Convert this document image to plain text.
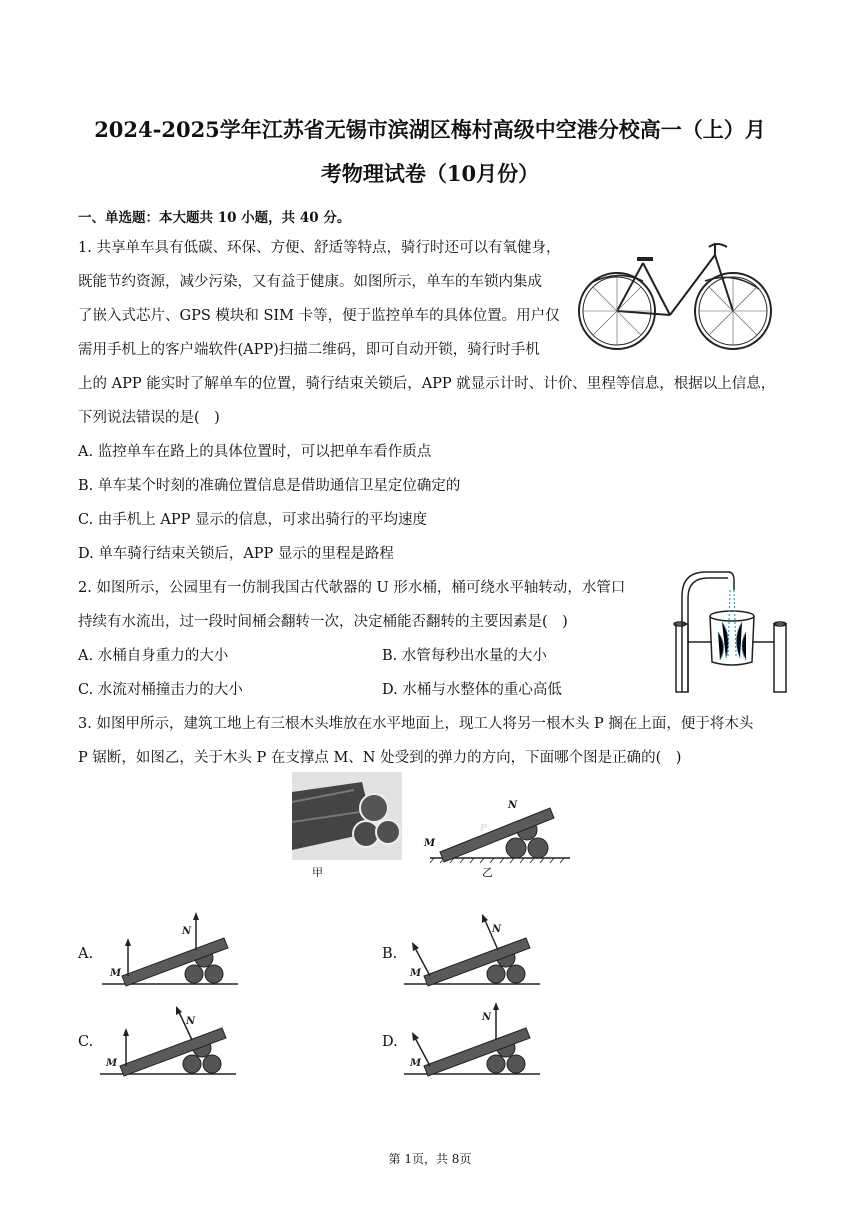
2024-2025学年江苏省无锡市滨湖区梅村高级中空港分校高一（上）月
考物理试卷（10月份）
一、单选题：本大题共 10 小题，共 40 分。
1. 共享单车具有低碳、环保、方便、舒适等特点，骑行时还可以有氧健身，
既能节约资源，减少污染，又有益于健康。如图所示，单车的车锁内集成
了嵌入式芯片、GPS 模块和 SIM 卡等，便于监控单车的具体位置。用户仅
需用手机上的客户端软件(APP)扫描二维码，即可自动开锁，骑行时手机
上的 APP 能实时了解单车的位置，骑行结束关锁后，APP 就显示计时、计价、里程等信息，根据以上信息，
下列说法错误的是(　)
A. 监控单车在路上的具体位置时，可以把单车看作质点
B. 单车某个时刻的准确位置信息是借助通信卫星定位确定的
C. 由手机上 APP 显示的信息，可求出骑行的平均速度
D. 单车骑行结束关锁后，APP 显示的里程是路程
2. 如图所示，公园里有一仿制我国古代欹器的 U 形水桶，桶可绕水平轴转动，水管口
持续有水流出，过一段时间桶会翻转一次，决定桶能否翻转的主要因素是(　)
A. 水桶自身重力的大小	B. 水管每秒出水量的大小
C. 水流对桶撞击力的大小	D. 水桶与水整体的重心高低
3. 如图甲所示，建筑工地上有三根木头堆放在水平地面上，现工人将另一根木头 P 搁在上面，便于将木头
P 锯断，如图乙，关于木头 P 在支撑点 M、N 处受到的弹力的方向，下面哪个图是正确的(　)
甲
M
N
P
乙
A.
M
N
B.
M
N
C.
M
N
D.
M
N
第 1页，共 8页
